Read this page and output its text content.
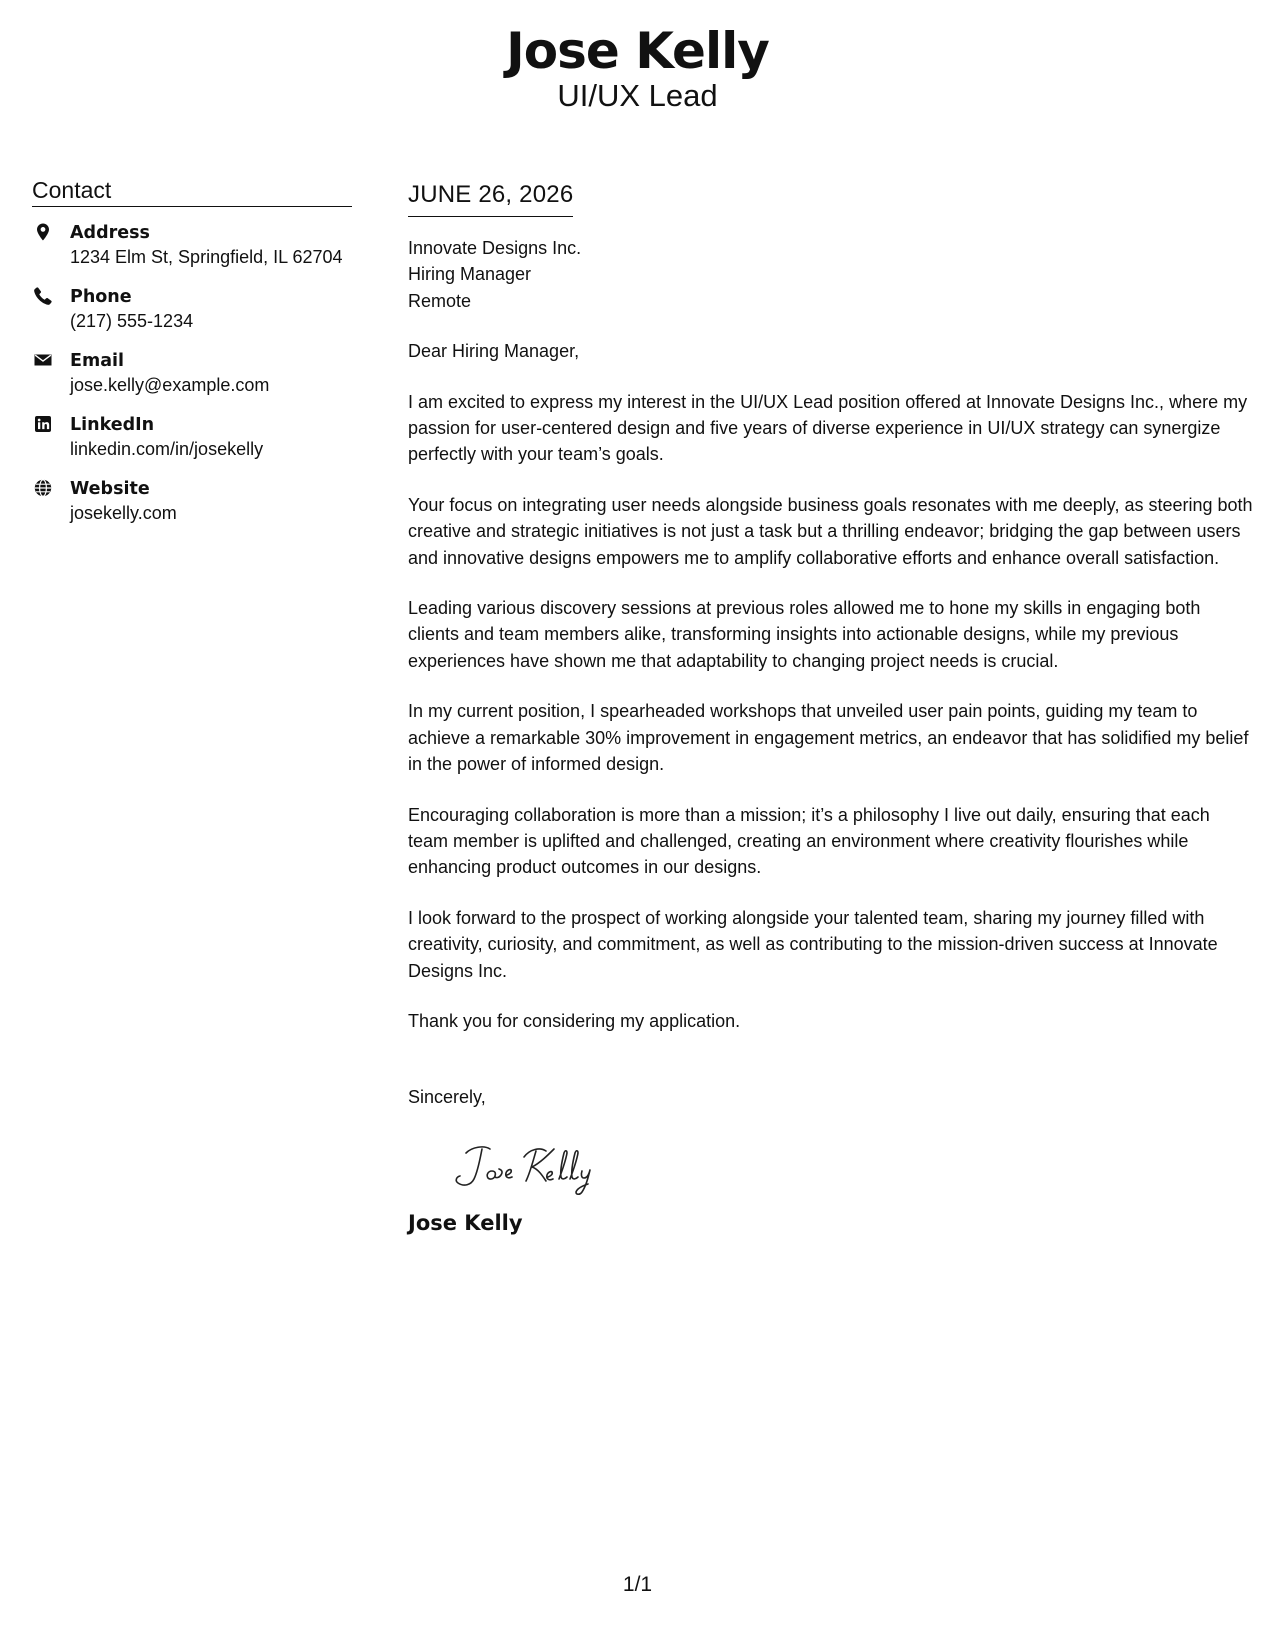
Jose Kelly
UI/UX Lead
Contact
Address
1234 Elm St, Springfield, IL 62704
Phone
(217) 555-1234
Email
jose.kelly@example.com
LinkedIn
linkedin.com/in/josekelly
Website
josekelly.com
JUNE 26, 2026
Innovate Designs Inc.
Hiring Manager
Remote
Dear Hiring Manager,
I am excited to express my interest in the UI/UX Lead position offered at Innovate Designs Inc., where my passion for user-centered design and five years of diverse experience in UI/UX strategy can synergize perfectly with your team’s goals.
Your focus on integrating user needs alongside business goals resonates with me deeply, as steering both creative and strategic initiatives is not just a task but a thrilling endeavor; bridging the gap between users and innovative designs empowers me to amplify collaborative efforts and enhance overall satisfaction.
Leading various discovery sessions at previous roles allowed me to hone my skills in engaging both clients and team members alike, transforming insights into actionable designs, while my previous experiences have shown me that adaptability to changing project needs is crucial.
In my current position, I spearheaded workshops that unveiled user pain points, guiding my team to achieve a remarkable 30% improvement in engagement metrics, an endeavor that has solidified my belief in the power of informed design.
Encouraging collaboration is more than a mission; it’s a philosophy I live out daily, ensuring that each team member is uplifted and challenged, creating an environment where creativity flourishes while enhancing product outcomes in our designs.
I look forward to the prospect of working alongside your talented team, sharing my journey filled with creativity, curiosity, and commitment, as well as contributing to the mission-driven success at Innovate Designs Inc.
Thank you for considering my application.
Sincerely,
Jose Kelly
1/1
